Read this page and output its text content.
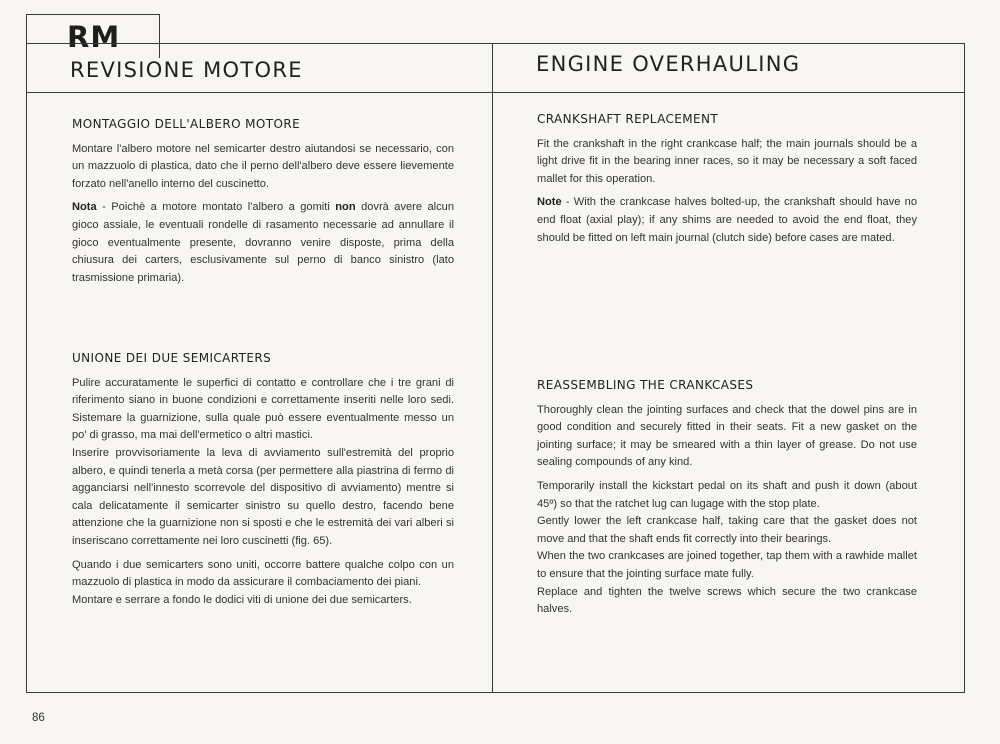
RM
REVISIONE MOTORE	ENGINE OVERHAULING
MONTAGGIO DELL'ALBERO MOTORE

Montare l'albero motore nel semicarter destro aiutandosi se necessario, con un mazzuolo di plastica, dato che il perno dell'albero deve essere lievemente forzato nell'anello interno del cuscinetto.

Nota - Poichè a motore montato l'albero a gomiti non dovrà avere alcun gioco assiale, le eventuali rondelle di rasamento necessarie ad annullare il gioco eventualmente presente, dovranno venire disposte, prima della chiusura dei carters, esclusivamente sul perno di banco sinistro (lato trasmissione primaria).

UNIONE DEI DUE SEMICARTERS

Pulire accuratamente le superfici di contatto e controllare che i tre grani di riferimento siano in buone condizioni e correttamente inseriti nelle loro sedi. Sistemare la guarnizione, sulla quale può essere eventualmente messo un po' di grasso, ma mai dell'ermetico o altri mastici.

Inserire provvisoriamente la leva di avviamento sull'estremità del proprio albero, e quindi tenerla a metà corsa (per permettere alla piastrina di fermo di agganciarsi nell'innesto scorrevole del dispositivo di avviamento) mentre si cala delicatamente il semicarter sinistro su quello destro, facendo bene attenzione che la guarnizione non si sposti e che le estremità dei vari alberi si inseriscano correttamente nei loro cuscinetti (fig. 65).

Quando i due semicarters sono uniti, occorre battere qualche colpo con un mazzuolo di plastica in modo da assicurare il combaciamento dei piani.

Montare e serrare a fondo le dodici viti di unione dei due semicarters.

CRANKSHAFT REPLACEMENT

Fit the crankshaft in the right crankcase half; the main journals should be a light drive fit in the bearing inner races, so it may be necessary a soft faced mallet for this operation.

Note - With the crankcase halves bolted-up, the crankshaft should have no end float (axial play); if any shims are needed to avoid the end float, they should be fitted on left main journal (clutch side) before cases are mated.

REASSEMBLING THE CRANKCASES

Thoroughly clean the jointing surfaces and check that the dowel pins are in good condition and securely fitted in their seats. Fit a new gasket on the jointing surface; it may be smeared with a thin layer of grease. Do not use sealing compounds of any kind.

Temporarily install the kickstart pedal on its shaft and push it down (about 45º) so that the ratchet lug can lugage with the stop plate.

Gently lower the left crankcase half, taking care that the gasket does not move and that the shaft ends fit correctly into their bearings.

When the two crankcases are joined together, tap them with a rawhide mallet to ensure that the jointing surface mate fully.

Replace and tighten the twelve screws which secure the two crankcase halves.

86
